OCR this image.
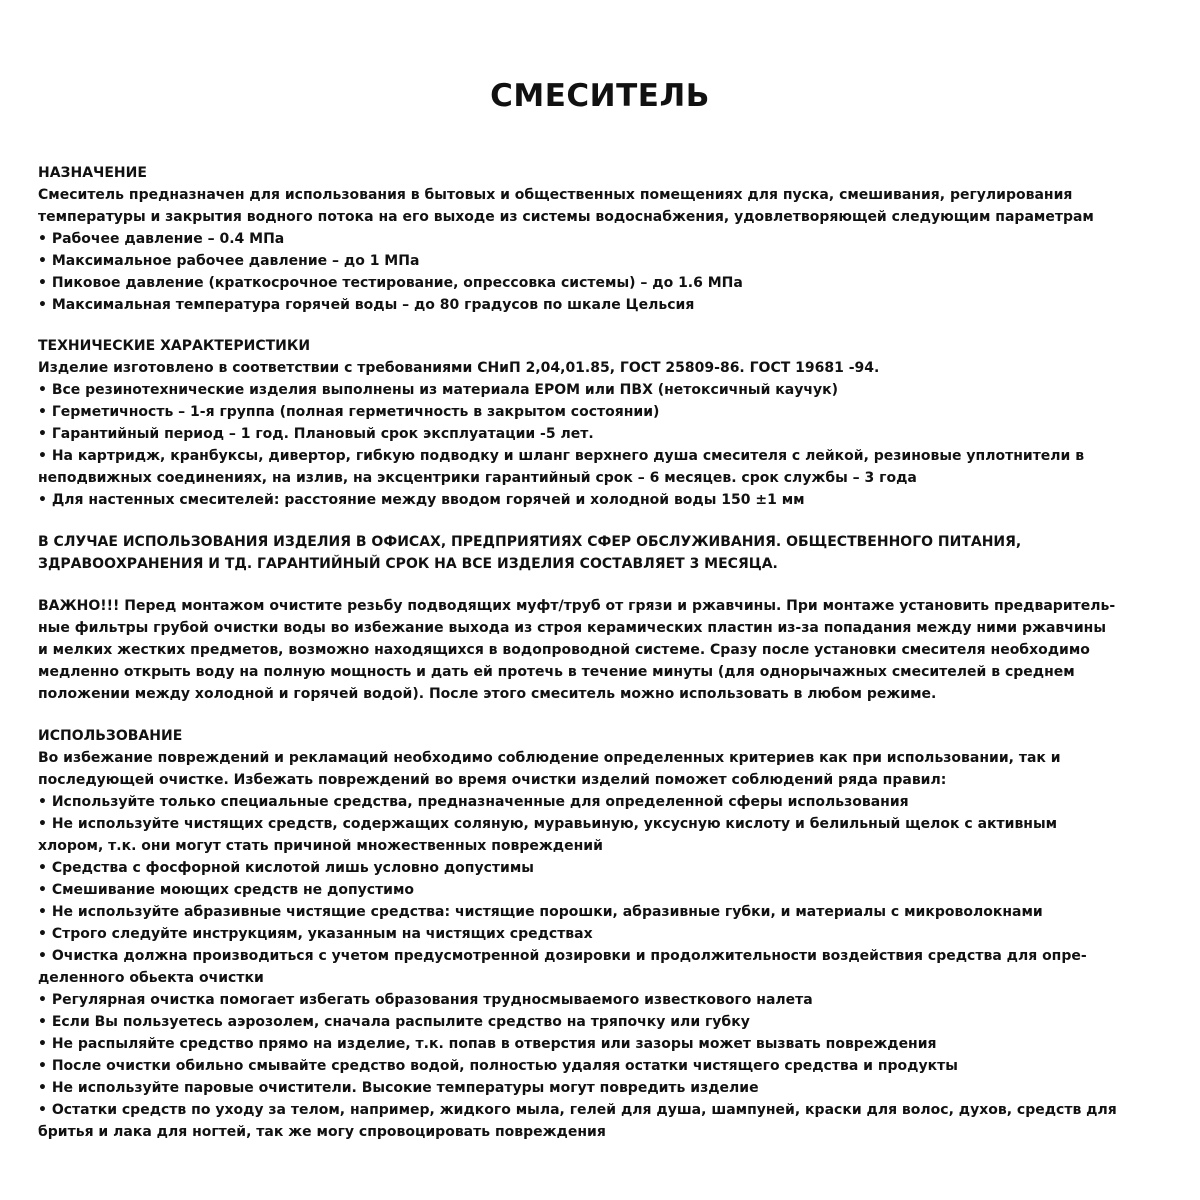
СМЕСИТЕЛЬ
НАЗНАЧЕНИЕ
Смеситель предназначен для использования в бытовых и общественных помещениях для пуска, смешивания, регулирования
температуры и закрытия водного потока на его выходе из системы водоснабжения, удовлетворяющей следующим параметрам
• Рабочее давление – 0.4 МПа
• Максимальное рабочее давление – до 1 МПа
• Пиковое давление (краткосрочное тестирование, опрессовка системы) – до 1.6 МПа
• Максимальная температура горячей воды – до 80 градусов по шкале Цельсия
ТЕХНИЧЕСКИЕ ХАРАКТЕРИСТИКИ
Изделие изготовлено в соответствии с требованиями СНиП 2,04,01.85, ГОСТ 25809-86. ГОСТ 19681 -94.
• Все резинотехнические изделия выполнены из материала EPOM или ПВХ (нетоксичный каучук)
• Герметичность – 1-я группа (полная герметичность в закрытом состоянии)
• Гарантийный период – 1 год. Плановый срок эксплуатации -5 лет.
• На картридж, кранбуксы, дивертор, гибкую подводку и шланг верхнего душа смесителя с лейкой, резиновые уплотнители в
неподвижных соединениях, на излив, на эксцентрики гарантийный срок – 6 месяцев. срок службы – 3 года
• Для настенных смесителей: расстояние между вводом горячей и холодной воды 150 ±1 мм
В СЛУЧАЕ ИСПОЛЬЗОВАНИЯ ИЗДЕЛИЯ В ОФИСАХ, ПРЕДПРИЯТИЯХ СФЕР ОБСЛУЖИВАНИЯ. ОБЩЕСТВЕННОГО ПИТАНИЯ,
ЗДРАВООХРАНЕНИЯ И ТД. ГАРАНТИЙНЫЙ СРОК НА ВСЕ ИЗДЕЛИЯ СОСТАВЛЯЕТ 3 МЕСЯЦА.
ВАЖНО!!! Перед монтажом очистите резьбу подводящих муфт/труб от грязи и ржавчины. При монтаже установить предваритель-
ные фильтры грубой очистки воды во избежание выхода из строя керамических пластин из-за попадания между ними ржавчины
и мелких жестких предметов, возможно находящихся в водопроводной системе. Сразу после установки смесителя необходимо
медленно открыть воду на полную мощность и дать ей протечь в течение минуты (для однорычажных смесителей в среднем
положении между холодной и горячей водой). После этого смеситель можно использовать в любом режиме.
ИСПОЛЬЗОВАНИЕ
Во избежание повреждений и рекламаций необходимо соблюдение определенных критериев как при использовании, так и
последующей очистке. Избежать повреждений во время очистки изделий поможет соблюдений ряда правил:
• Используйте только специальные средства, предназначенные для определенной сферы использования
• Не используйте чистящих средств, содержащих соляную, муравьиную, уксусную кислоту и белильный щелок с активным
хлором, т.к. они могут стать причиной множественных повреждений
• Средства с фосфорной кислотой лишь условно допустимы
• Смешивание моющих средств не допустимо
• Не используйте абразивные чистящие средства: чистящие порошки, абразивные губки, и материалы с микроволокнами
• Строго следуйте инструкциям, указанным на чистящих средствах
• Очистка должна производиться с учетом предусмотренной дозировки и продолжительности воздействия средства для опре-
деленного обьекта очистки
• Регулярная очистка помогает избегать образования трудносмываемого известкового налета
• Если Вы пользуетесь аэрозолем, сначала распылите средство на тряпочку или губку
• Не распыляйте средство прямо на изделие, т.к. попав в отверстия или зазоры может вызвать повреждения
• После очистки обильно смывайте средство водой, полностью удаляя остатки чистящего средства и продукты
• Не используйте паровые очистители. Высокие температуры могут повредить изделие
• Остатки средств по уходу за телом, например, жидкого мыла, гелей для душа, шампуней, краски для волос, духов, средств для
бритья и лака для ногтей, так же могу спровоцировать повреждения
